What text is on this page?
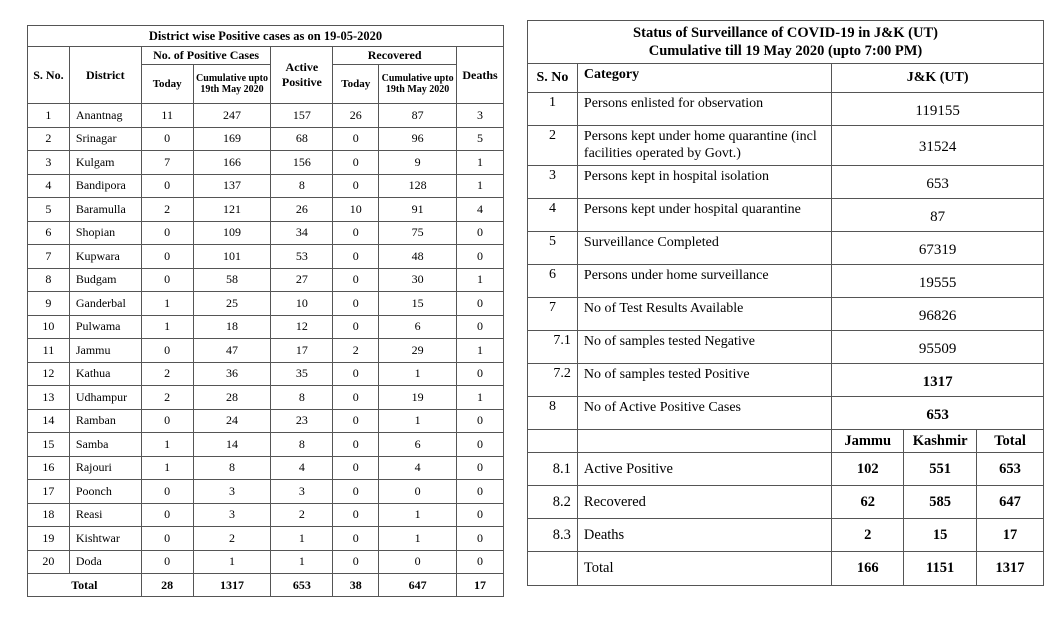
District wise Positive cases as on 19-05-2020							
S. No.	District	No. of Positive Cases		Active Positive	Recovered		Deaths
		Today	Cumulative upto 19th May 2020		Today	Cumulative upto 19th May 2020	
1	Anantnag	11	247	157	26	87	3
2	Srinagar	0	169	68	0	96	5
3	Kulgam	7	166	156	0	9	1
4	Bandipora	0	137	8	0	128	1
5	Baramulla	2	121	26	10	91	4
6	Shopian	0	109	34	0	75	0
7	Kupwara	0	101	53	0	48	0
8	Budgam	0	58	27	0	30	1
9	Ganderbal	1	25	10	0	15	0
10	Pulwama	1	18	12	0	6	0
11	Jammu	0	47	17	2	29	1
12	Kathua	2	36	35	0	1	0
13	Udhampur	2	28	8	0	19	1
14	Ramban	0	24	23	0	1	0
15	Samba	1	14	8	0	6	0
16	Rajouri	1	8	4	0	4	0
17	Poonch	0	3	3	0	0	0
18	Reasi	0	3	2	0	1	0
19	Kishtwar	0	2	1	0	1	0
20	Doda	0	1	1	0	0	0
Total		28	1317	653	38	647	17
Status of Surveillance of COVID-19 in J&K (UT)
Cumulative till 19 May 2020 (upto 7:00 PM)				

S. No	Category	J&K (UT)		
1	Persons enlisted for observation	119155		
2	Persons kept under home quarantine (incl facilities operated by Govt.)	31524		
3	Persons kept in hospital isolation	653		
4	Persons kept under hospital quarantine	87		
5	Surveillance Completed	67319		
6	Persons under home surveillance	19555		
7	No of Test Results Available	96826		
7.1	No of samples tested Negative	95509		
7.2	No of samples tested Positive	1317		
8	No of Active Positive Cases	653		
		Jammu	Kashmir	Total
8.1	Active Positive	102	551	653
8.2	Recovered	62	585	647
8.3	Deaths	2	15	17
	Total	166	1151	1317
